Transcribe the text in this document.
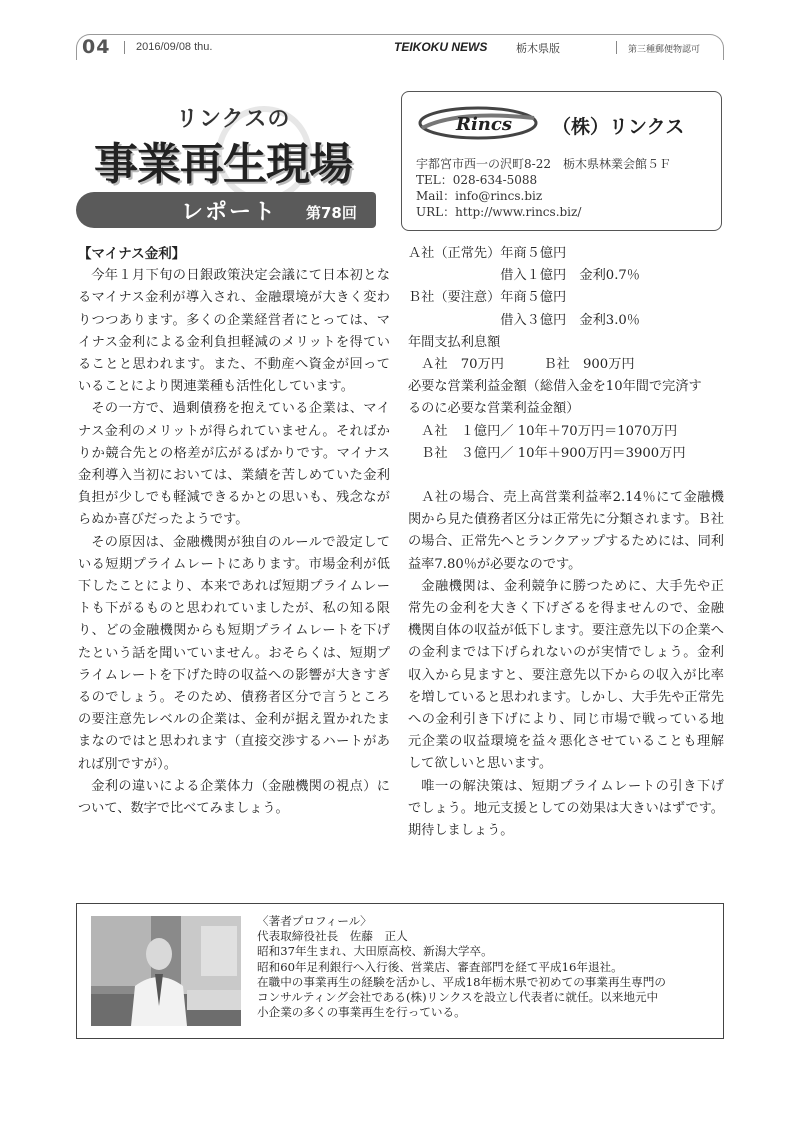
04 2016/09/08 thu.	TEIKOKU NEWS	栃木県版	第三種郵便物認可
リンクスの
事業再生現場
レポート 第78回
Rincs （株）リンクス
宇都宮市西一の沢町8-22　栃木県林業会館５Ｆ
TEL：028-634-5088
Mail：info@rincs.biz
URL：http://www.rincs.biz/

【マイナス金利】

今年１月下旬の日銀政策決定会議にて日本初となるマイナス金利が導入され、金融環境が大きく変わりつつあります。多くの企業経営者にとっては、マイナス金利による金利負担軽減のメリットを得ていることと思われます。また、不動産へ資金が回っていることにより関連業種も活性化しています。

その一方で、過剰債務を抱えている企業は、マイナス金利のメリットが得られていません。そればかりか競合先との格差が広がるばかりです。マイナス金利導入当初においては、業績を苦しめていた金利負担が少しでも軽減できるかとの思いも、残念ながらぬか喜びだったようです。

その原因は、金融機関が独自のルールで設定している短期プライムレートにあります。市場金利が低下したことにより、本来であれば短期プライムレートも下がるものと思われていましたが、私の知る限り、どの金融機関からも短期プライムレートを下げたという話を聞いていません。おそらくは、短期プライムレートを下げた時の収益への影響が大きすぎるのでしょう。そのため、債務者区分で言うところの要注意先レベルの企業は、金利が据え置かれたままなのではと思われます（直接交渉するハートがあれば別ですが）。

金利の違いによる企業体力（金融機関の視点）について、数字で比べてみましょう。

Ａ社（正常先）年商５億円
　　　　　　　借入１億円　金利0.7％
Ｂ社（要注意）年商５億円
　　　　　　　借入３億円　金利3.0％
年間支払利息額
　Ａ社　70万円　　　Ｂ社　900万円
必要な営業利益金額（総借入金を10年間で完済す
るのに必要な営業利益金額）
　Ａ社　１億円／ 10年＋70万円＝1070万円
　Ｂ社　３億円／ 10年＋900万円＝3900万円

Ａ社の場合、売上高営業利益率2.14％にて金融機関から見た債務者区分は正常先に分類されます。Ｂ社の場合、正常先へとランクアップするためには、同利益率7.80％が必要なのです。

金融機関は、金利競争に勝つために、大手先や正常先の金利を大きく下げざるを得ませんので、金融機関自体の収益が低下します。要注意先以下の企業への金利までは下げられないのが実情でしょう。金利収入から見ますと、要注意先以下からの収入が比率を増していると思われます。しかし、大手先や正常先への金利引き下げにより、同じ市場で戦っている地元企業の収益環境を益々悪化させていることも理解して欲しいと思います。

唯一の解決策は、短期プライムレートの引き下げでしょう。地元支援としての効果は大きいはずです。期待しましょう。

〈著者プロフィール〉
代表取締役社長　佐藤　正人
昭和37年生まれ、大田原高校、新潟大学卒。
昭和60年足利銀行へ入行後、営業店、審査部門を経て平成16年退社。
在職中の事業再生の経験を活かし、平成18年栃木県で初めての事業再生専門の
コンサルティング会社である(株)リンクスを設立し代表者に就任。以来地元中
小企業の多くの事業再生を行っている。
